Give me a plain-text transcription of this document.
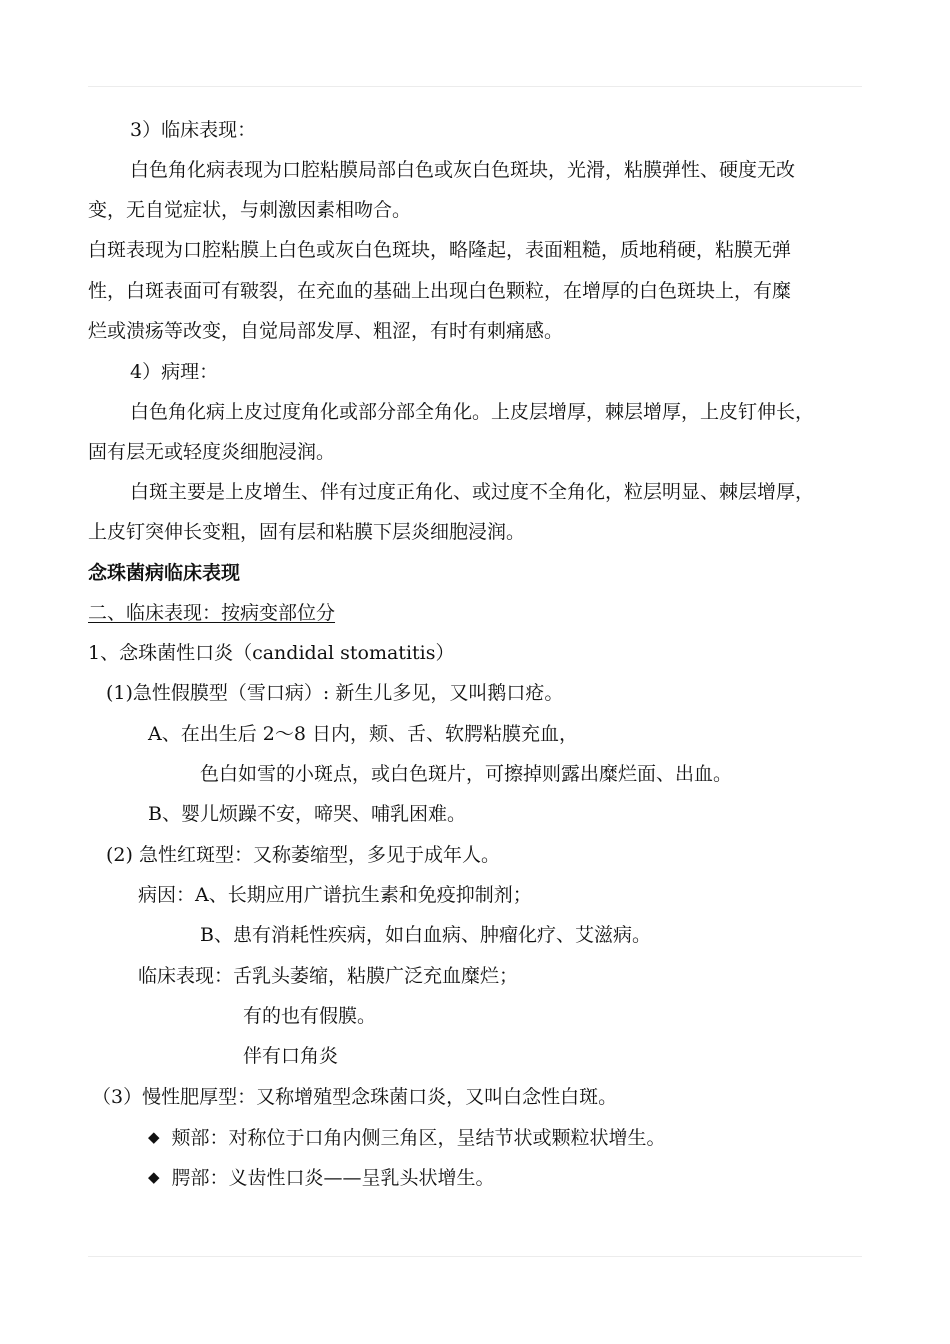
3）临床表现：
白色角化病表现为口腔粘膜局部白色或灰白色斑块，光滑，粘膜弹性、硬度无改
变，无自觉症状，与刺激因素相吻合。
白斑表现为口腔粘膜上白色或灰白色斑块，略隆起，表面粗糙，质地稍硬，粘膜无弹
性，白斑表面可有皲裂，在充血的基础上出现白色颗粒，在增厚的白色斑块上，有糜
烂或溃疡等改变，自觉局部发厚、粗涩，有时有刺痛感。
4）病理：
白色角化病上皮过度角化或部分部全角化。上皮层增厚，棘层增厚，上皮钉伸长，
固有层无或轻度炎细胞浸润。
白斑主要是上皮增生、伴有过度正角化、或过度不全角化，粒层明显、棘层增厚，
上皮钉突伸长变粗，固有层和粘膜下层炎细胞浸润。
念珠菌病临床表现
二、临床表现：按病变部位分
1、念珠菌性口炎（candidal stomatitis）
(1)急性假膜型（雪口病）: 新生儿多见，又叫鹅口疮。
A、在出生后 2～8 日内，颊、舌、软腭粘膜充血，
色白如雪的小斑点，或白色斑片，可擦掉则露出糜烂面、出血。
B、婴儿烦躁不安，啼哭、哺乳困难。
(2) 急性红斑型：又称萎缩型，多见于成年人。
病因：A、长期应用广谱抗生素和免疫抑制剂；
B、患有消耗性疾病，如白血病、肿瘤化疗、艾滋病。
临床表现：舌乳头萎缩，粘膜广泛充血糜烂；
有的也有假膜。
伴有口角炎
（3）慢性肥厚型：又称增殖型念珠菌口炎，又叫白念性白斑。
◆ 颊部：对称位于口角内侧三角区，呈结节状或颗粒状增生。
◆ 腭部：义齿性口炎——呈乳头状增生。
